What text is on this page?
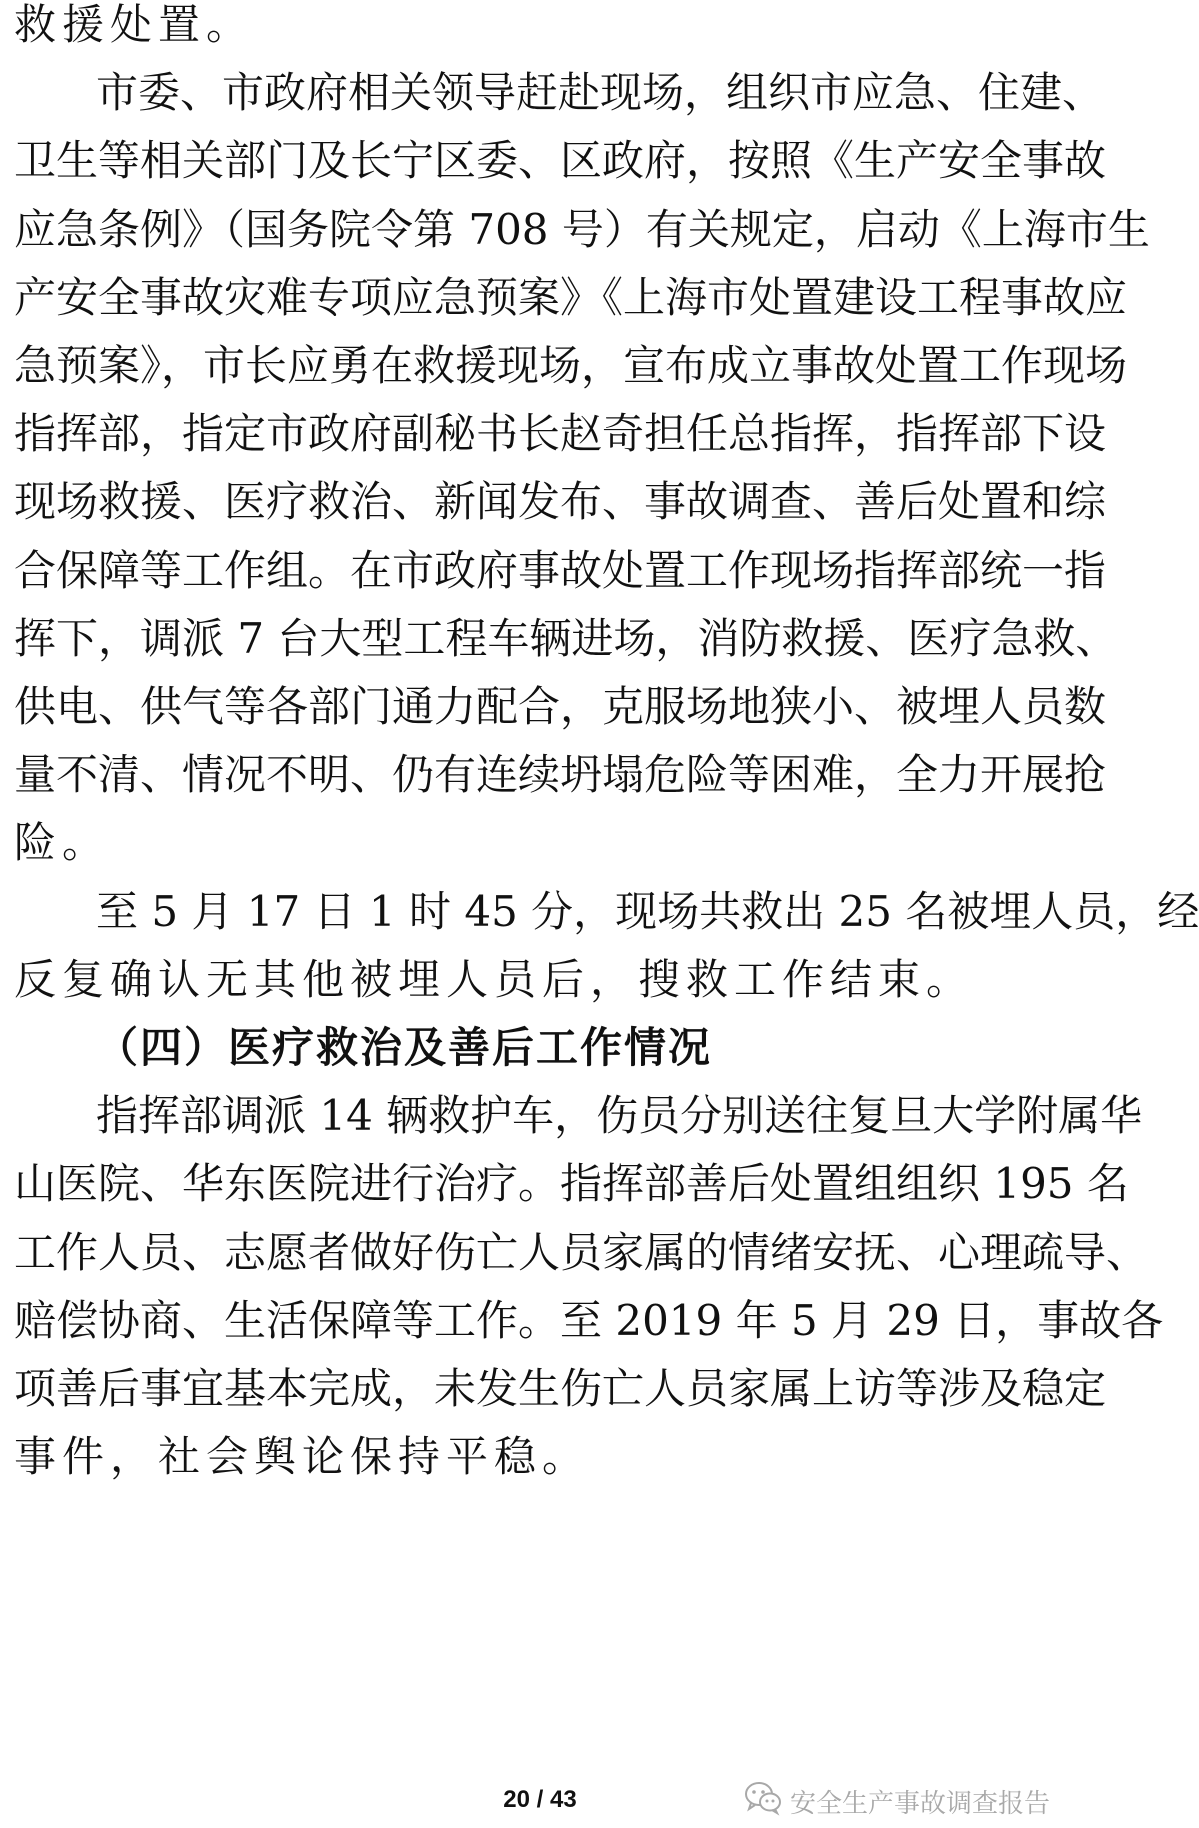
救援处置。
市委、市政府相关领导赶赴现场，组织市应急、住建、
卫生等相关部门及长宁区委、区政府，按照《生产安全事故
应急条例》（国务院令第 708 号）有关规定，启动《上海市生
产安全事故灾难专项应急预案》《上海市处置建设工程事故应
急预案》，市长应勇在救援现场，宣布成立事故处置工作现场
指挥部，指定市政府副秘书长赵奇担任总指挥，指挥部下设
现场救援、医疗救治、新闻发布、事故调查、善后处置和综
合保障等工作组。在市政府事故处置工作现场指挥部统一指
挥下，调派 7 台大型工程车辆进场，消防救援、医疗急救、
供电、供气等各部门通力配合，克服场地狭小、被埋人员数
量不清、情况不明、仍有连续坍塌危险等困难，全力开展抢
险。
至 5 月 17 日 1 时 45 分，现场共救出 25 名被埋人员，经
反复确认无其他被埋人员后，搜救工作结束。
（四）医疗救治及善后工作情况
指挥部调派 14 辆救护车，伤员分别送往复旦大学附属华
山医院、华东医院进行治疗。指挥部善后处置组组织 195 名
工作人员、志愿者做好伤亡人员家属的情绪安抚、心理疏导、
赔偿协商、生活保障等工作。至 2019 年 5 月 29 日，事故各
项善后事宜基本完成，未发生伤亡人员家属上访等涉及稳定
事件，社会舆论保持平稳。
20 / 43	安全生产事故调查报告
